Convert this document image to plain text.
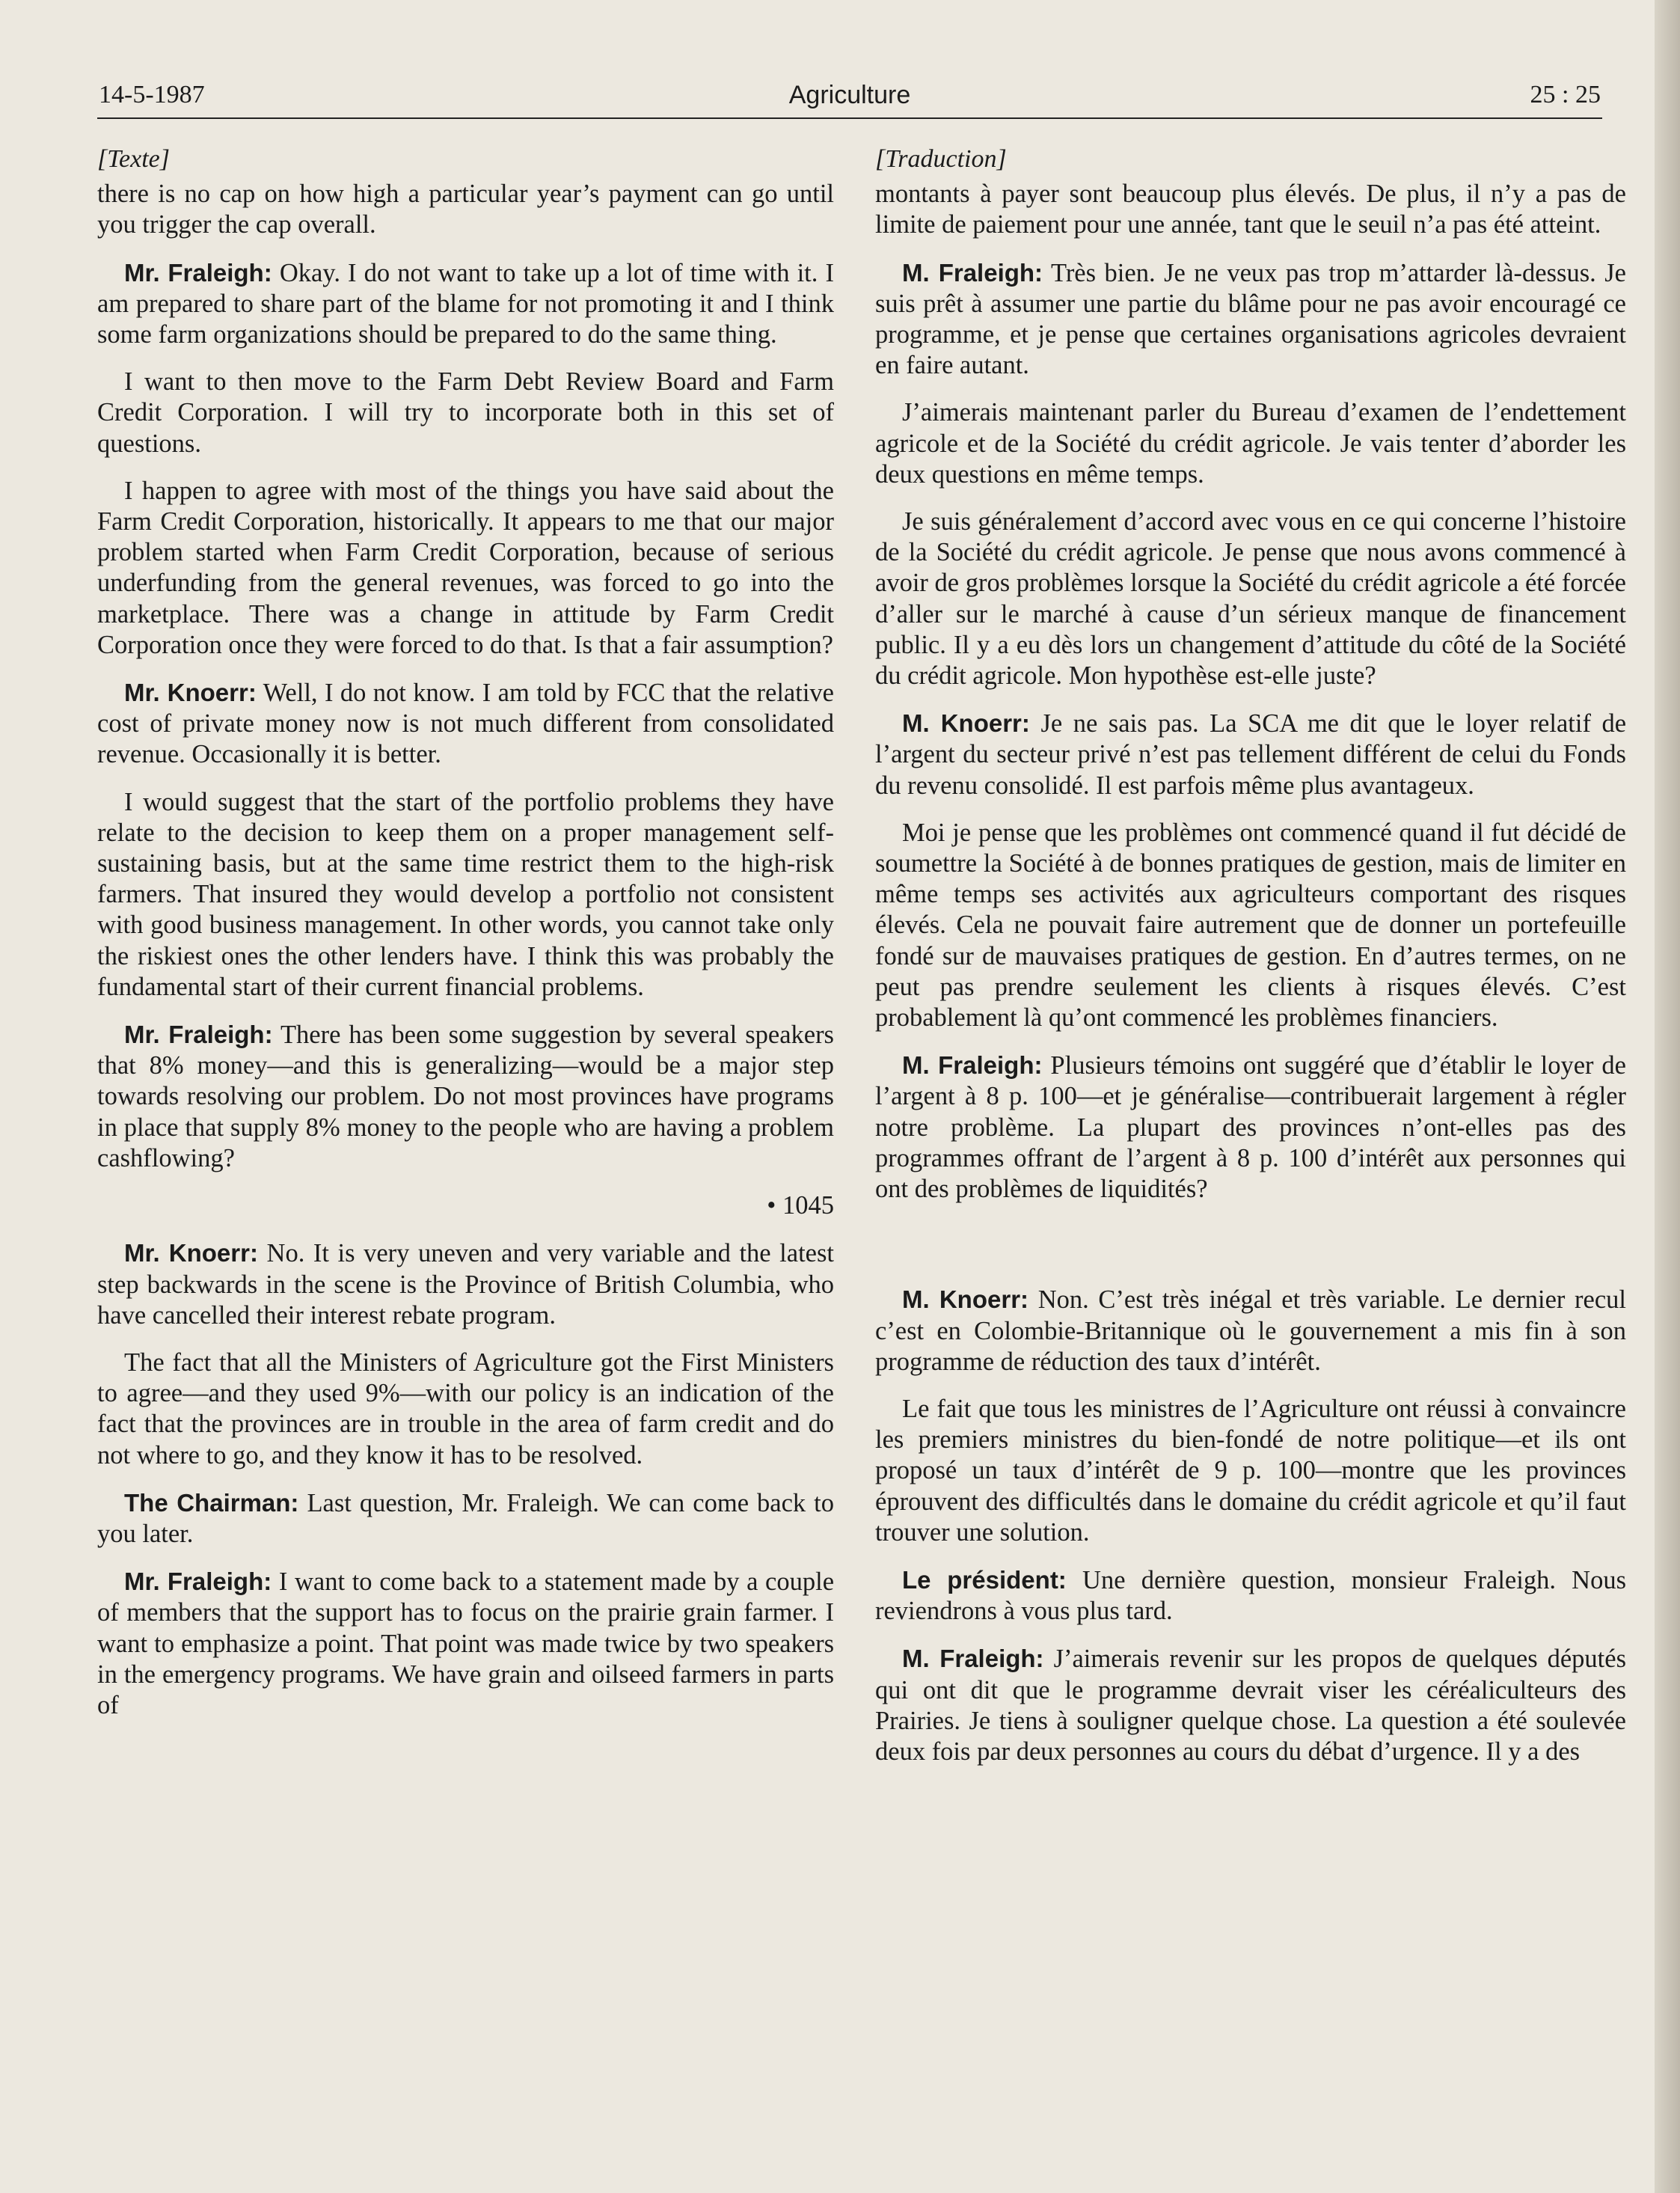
14-5-1987	Agriculture	25 : 25
[Texte]

there is no cap on how high a particular year’s payment can go until you trigger the cap overall.

Mr. Fraleigh: Okay. I do not want to take up a lot of time with it. I am prepared to share part of the blame for not promoting it and I think some farm organizations should be prepared to do the same thing.

I want to then move to the Farm Debt Review Board and Farm Credit Corporation. I will try to incorporate both in this set of questions.

I happen to agree with most of the things you have said about the Farm Credit Corporation, historically. It appears to me that our major problem started when Farm Credit Corporation, because of serious underfunding from the general revenues, was forced to go into the marketplace. There was a change in attitude by Farm Credit Corporation once they were forced to do that. Is that a fair assumption?

Mr. Knoerr: Well, I do not know. I am told by FCC that the relative cost of private money now is not much different from consolidated revenue. Occasionally it is better.

I would suggest that the start of the portfolio problems they have relate to the decision to keep them on a proper management self-sustaining basis, but at the same time restrict them to the high-risk farmers. That insured they would develop a portfolio not consistent with good business management. In other words, you cannot take only the riskiest ones the other lenders have. I think this was probably the fundamental start of their current financial problems.

Mr. Fraleigh: There has been some suggestion by several speakers that 8% money—and this is generalizing—would be a major step towards resolving our problem. Do not most provinces have programs in place that supply 8% money to the people who are having a problem cashflowing?

• 1045

Mr. Knoerr: No. It is very uneven and very variable and the latest step backwards in the scene is the Province of British Columbia, who have cancelled their interest rebate program.

The fact that all the Ministers of Agriculture got the First Ministers to agree—and they used 9%—with our policy is an indication of the fact that the provinces are in trouble in the area of farm credit and do not where to go, and they know it has to be resolved.

The Chairman: Last question, Mr. Fraleigh. We can come back to you later.

Mr. Fraleigh: I want to come back to a statement made by a couple of members that the support has to focus on the prairie grain farmer. I want to emphasize a point. That point was made twice by two speakers in the emergency programs. We have grain and oilseed farmers in parts of

[Traduction]

montants à payer sont beaucoup plus élevés. De plus, il n’y a pas de limite de paiement pour une année, tant que le seuil n’a pas été atteint.

M. Fraleigh: Très bien. Je ne veux pas trop m’attarder là-dessus. Je suis prêt à assumer une partie du blâme pour ne pas avoir encouragé ce programme, et je pense que certaines organisations agricoles devraient en faire autant.

J’aimerais maintenant parler du Bureau d’examen de l’endettement agricole et de la Société du crédit agricole. Je vais tenter d’aborder les deux questions en même temps.

Je suis généralement d’accord avec vous en ce qui concerne l’histoire de la Société du crédit agricole. Je pense que nous avons commencé à avoir de gros problèmes lorsque la Société du crédit agricole a été forcée d’aller sur le marché à cause d’un sérieux manque de financement public. Il y a eu dès lors un changement d’attitude du côté de la Société du crédit agricole. Mon hypothèse est-elle juste?

M. Knoerr: Je ne sais pas. La SCA me dit que le loyer relatif de l’argent du secteur privé n’est pas tellement différent de celui du Fonds du revenu consolidé. Il est parfois même plus avantageux.

Moi je pense que les problèmes ont commencé quand il fut décidé de soumettre la Société à de bonnes pratiques de gestion, mais de limiter en même temps ses activités aux agriculteurs comportant des risques élevés. Cela ne pouvait faire autrement que de donner un portefeuille fondé sur de mauvaises pratiques de gestion. En d’autres termes, on ne peut pas prendre seulement les clients à risques élevés. C’est probablement là qu’ont commencé les problèmes financiers.

M. Fraleigh: Plusieurs témoins ont suggéré que d’établir le loyer de l’argent à 8 p. 100—et je généralise—contribuerait largement à régler notre problème. La plupart des provinces n’ont-elles pas des programmes offrant de l’argent à 8 p. 100 d’intérêt aux personnes qui ont des problèmes de liquidités?

M. Knoerr: Non. C’est très inégal et très variable. Le dernier recul c’est en Colombie-Britannique où le gouvernement a mis fin à son programme de réduction des taux d’intérêt.

Le fait que tous les ministres de l’Agriculture ont réussi à convaincre les premiers ministres du bien-fondé de notre politique—et ils ont proposé un taux d’intérêt de 9 p. 100—montre que les provinces éprouvent des difficultés dans le domaine du crédit agricole et qu’il faut trouver une solution.

Le président: Une dernière question, monsieur Fraleigh. Nous reviendrons à vous plus tard.

M. Fraleigh: J’aimerais revenir sur les propos de quelques députés qui ont dit que le programme devrait viser les céréaliculteurs des Prairies. Je tiens à souligner quelque chose. La question a été soulevée deux fois par deux personnes au cours du débat d’urgence. Il y a des
